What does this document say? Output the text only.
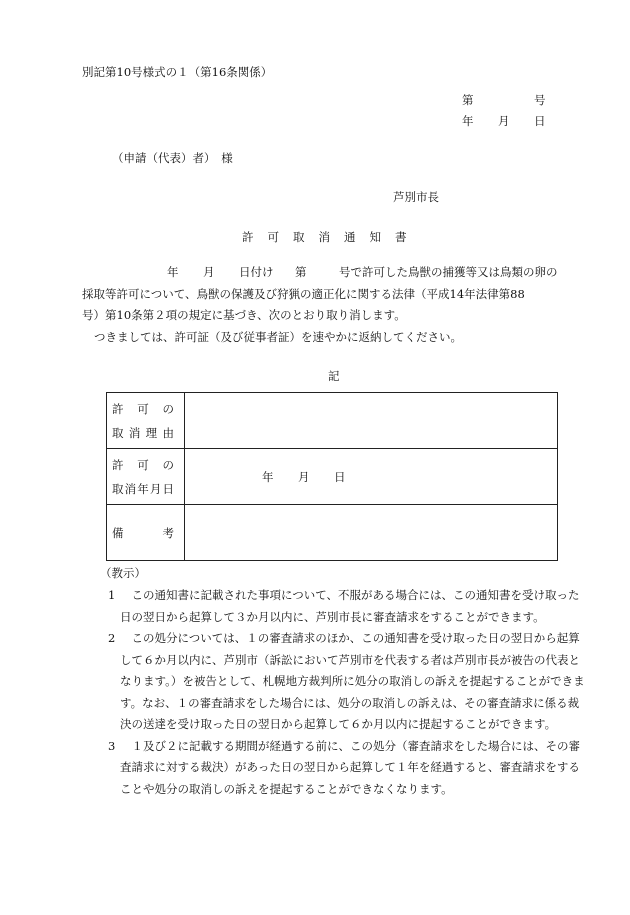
別記第10号様式の１（第16条関係）
第	号
年 月 日
（申請（代表）者）　様
芦別市長
許 可 取 消 通 知 書

年 月 日付け 第	号で許可した鳥獣の捕獲等又は鳥類の卵の

採取等許可について、鳥獣の保護及び狩猟の適正化に関する法律（平成14年法律第88

号）第10条第２項の規定に基づき、次のとおり取り消します。

つきましては、許可証（及び従事者証）を速やかに返納してください。

記
許　可　の
取消理由	

許　可　の
取消年月日	年 月 日

備　　　考	

（教示）

1　 この通知書に記載された事項について、不服がある場合には、この通知書を受け取った日の翌日から起算して３か月以内に、芦別市長に審査請求をすることができます。

2　 この処分については、１の審査請求のほか、この通知書を受け取った日の翌日から起算して６か月以内に、芦別市（訴訟において芦別市を代表する者は芦別市長が被告の代表となります。）を被告として、札幌地方裁判所に処分の取消しの訴えを提起することができます。なお、１の審査請求をした場合には、処分の取消しの訴えは、その審査請求に係る裁決の送達を受け取った日の翌日から起算して６か月以内に提起することができます。

3　 １及び２に記載する期間が経過する前に、この処分（審査請求をした場合には、その審査請求に対する裁決）があった日の翌日から起算して１年を経過すると、審査請求をすることや処分の取消しの訴えを提起することができなくなります。
